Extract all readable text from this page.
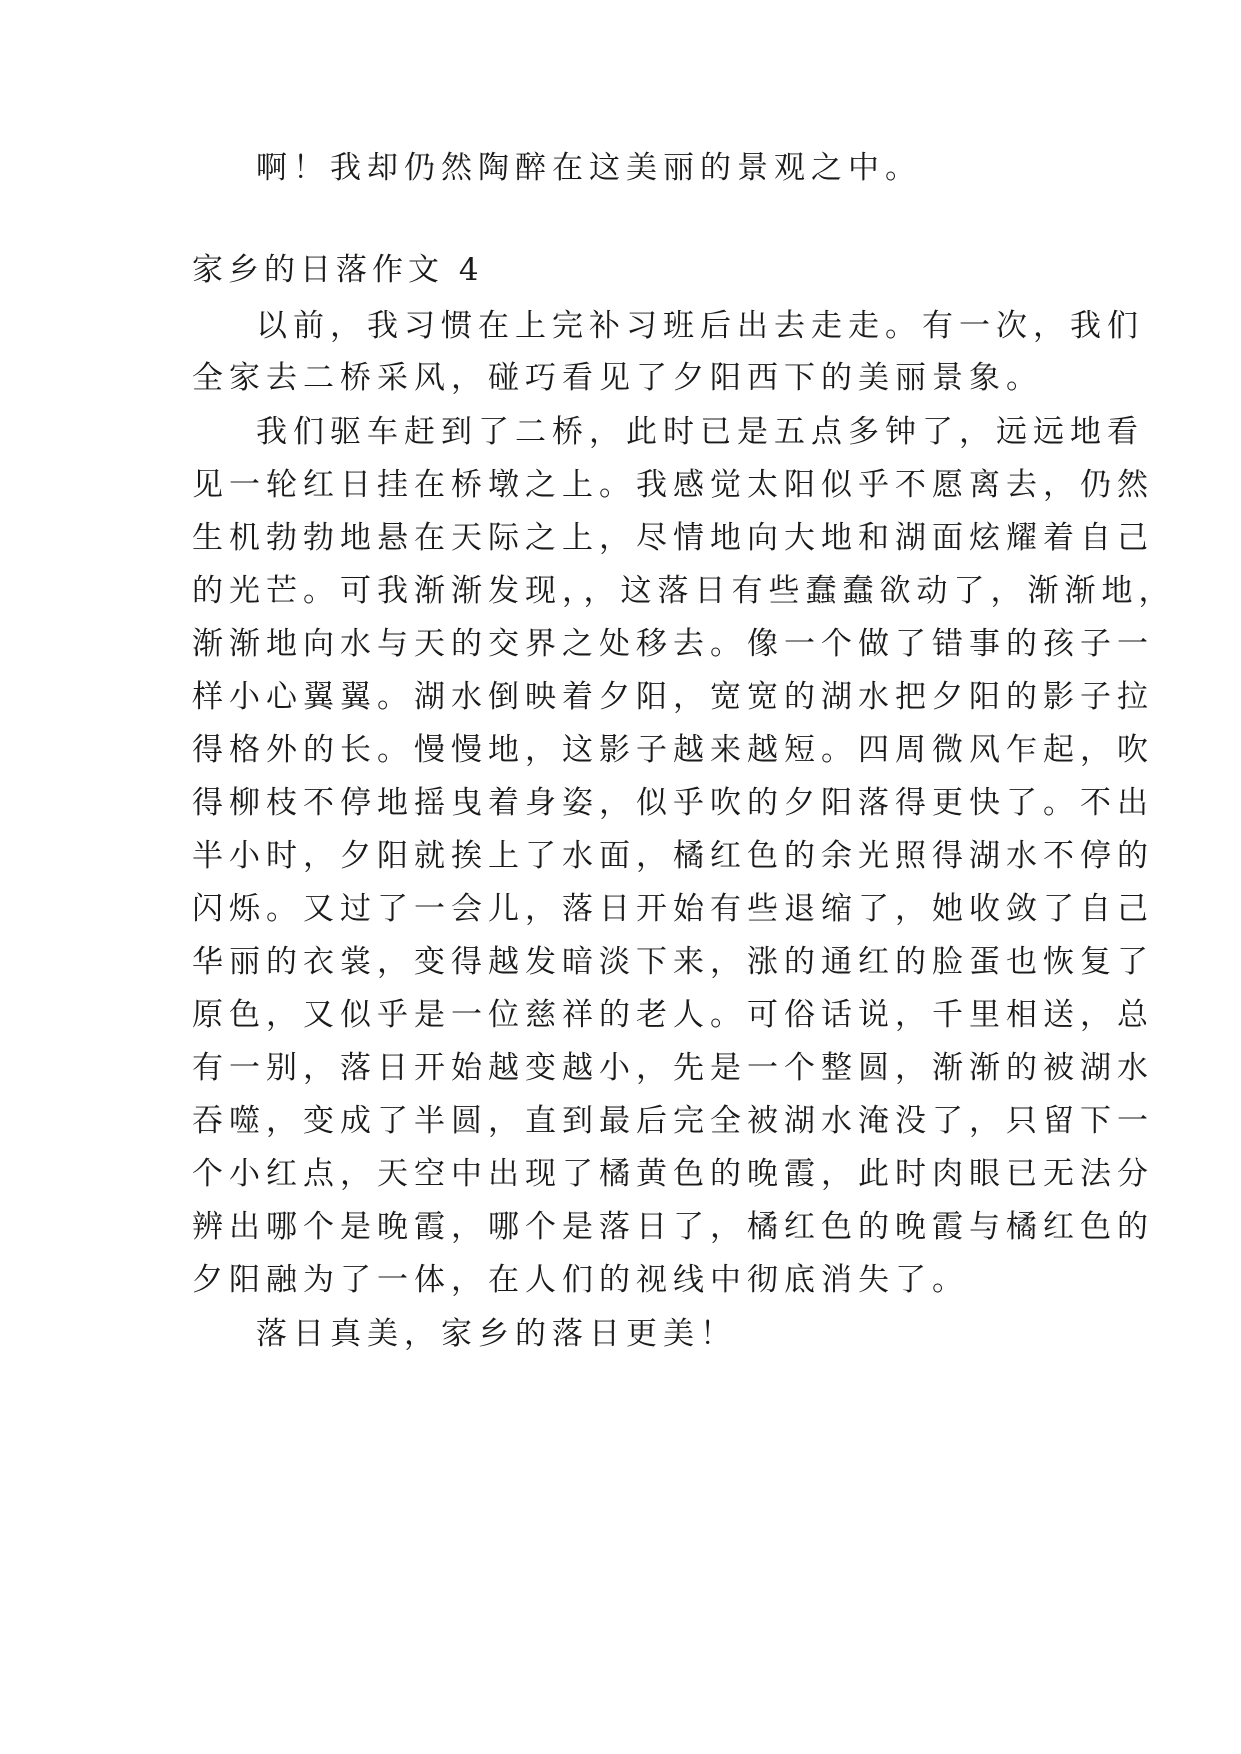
啊！我却仍然陶醉在这美丽的景观之中。
家乡的日落作文 4
以前，我习惯在上完补习班后出去走走。有一次，我们
全家去二桥采风，碰巧看见了夕阳西下的美丽景象。
我们驱车赶到了二桥，此时已是五点多钟了，远远地看
见一轮红日挂在桥墩之上。我感觉太阳似乎不愿离去，仍然
生机勃勃地悬在天际之上，尽情地向大地和湖面炫耀着自己
的光芒。可我渐渐发现，，这落日有些蠢蠢欲动了，渐渐地，
渐渐地向水与天的交界之处移去。像一个做了错事的孩子一
样小心翼翼。湖水倒映着夕阳，宽宽的湖水把夕阳的影子拉
得格外的长。慢慢地，这影子越来越短。四周微风乍起，吹
得柳枝不停地摇曳着身姿，似乎吹的夕阳落得更快了。不出
半小时，夕阳就挨上了水面，橘红色的余光照得湖水不停的
闪烁。又过了一会儿，落日开始有些退缩了，她收敛了自己
华丽的衣裳，变得越发暗淡下来，涨的通红的脸蛋也恢复了
原色，又似乎是一位慈祥的老人。可俗话说，千里相送，总
有一别，落日开始越变越小，先是一个整圆，渐渐的被湖水
吞噬，变成了半圆，直到最后完全被湖水淹没了，只留下一
个小红点，天空中出现了橘黄色的晚霞，此时肉眼已无法分
辨出哪个是晚霞，哪个是落日了，橘红色的晚霞与橘红色的
夕阳融为了一体，在人们的视线中彻底消失了。
落日真美，家乡的落日更美！
